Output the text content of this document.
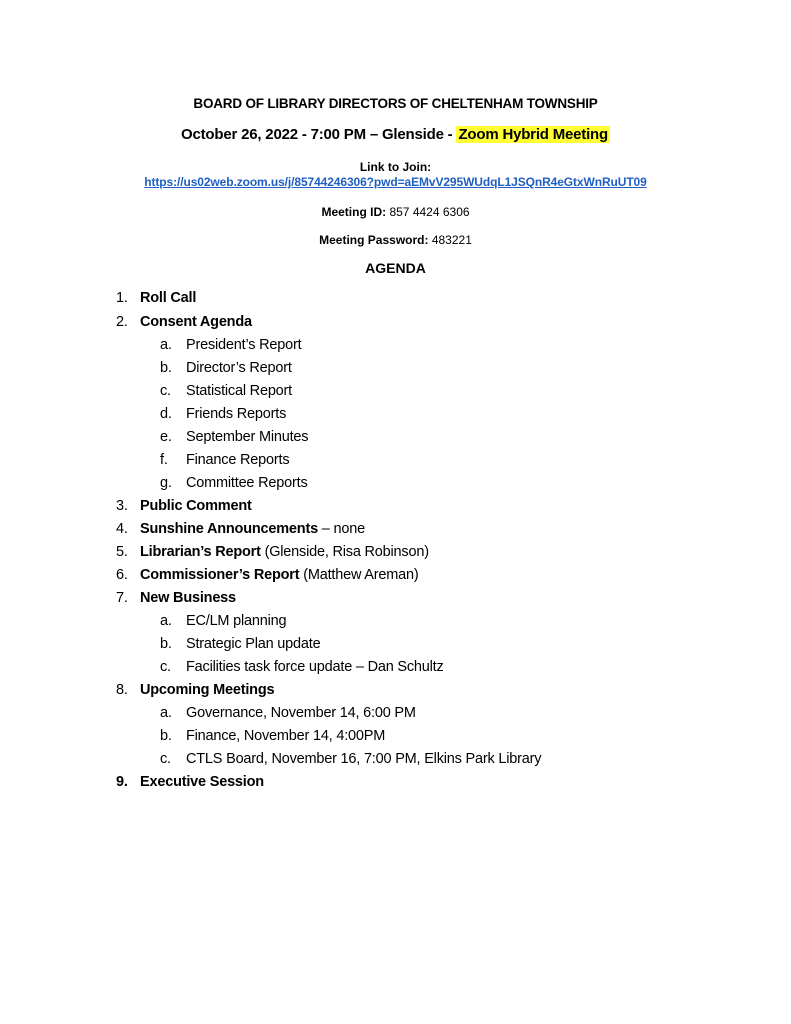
BOARD OF LIBRARY DIRECTORS OF CHELTENHAM TOWNSHIP
October 26, 2022 - 7:00 PM – Glenside - Zoom Hybrid Meeting
Link to Join:
https://us02web.zoom.us/j/85744246306?pwd=aEMvV295WUdqL1JSQnR4eGtxWnRuUT09
Meeting ID: 857 4424 6306
Meeting Password: 483221
AGENDA
1. Roll Call
2. Consent Agenda
a. President’s Report
b. Director’s Report
c.	Statistical Report
d. Friends Reports
e. September Minutes
f.	Finance Reports
g. Committee Reports
3. Public Comment
4. Sunshine Announcements – none
5. Librarian’s Report (Glenside, Risa Robinson)
6. Commissioner’s Report (Matthew Areman)
7. New Business
a. EC/LM planning
b. Strategic Plan update
c.	Facilities task force update – Dan Schultz
8. Upcoming Meetings
a. Governance, November 14, 6:00 PM
b. Finance, November 14, 4:00PM
c.	CTLS Board, November 16, 7:00 PM, Elkins Park Library
9. Executive Session
